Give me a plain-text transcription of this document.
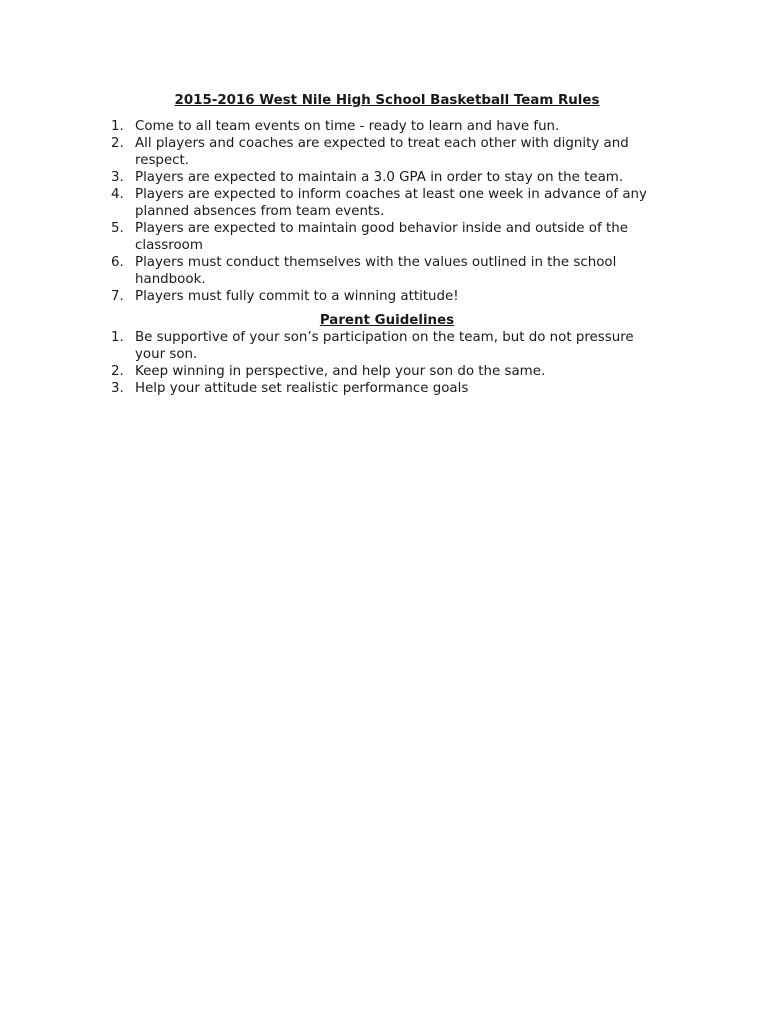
2015-2016 West Nile High School Basketball Team Rules
1. Come to all team events on time - ready to learn and have fun.
2. All players and coaches are expected to treat each other with dignity and respect.
3. Players are expected to maintain a 3.0 GPA in order to stay on the team.
4. Players are expected to inform coaches at least one week in advance of any planned absences from team events.
5. Players are expected to maintain good behavior inside and outside of the classroom
6. Players must conduct themselves with the values outlined in the school handbook.
7. Players must fully commit to a winning attitude!
Parent Guidelines
1. Be supportive of your son’s participation on the team, but do not pressure your son.
2. Keep winning in perspective, and help your son do the same.
3. Help your attitude set realistic performance goals
